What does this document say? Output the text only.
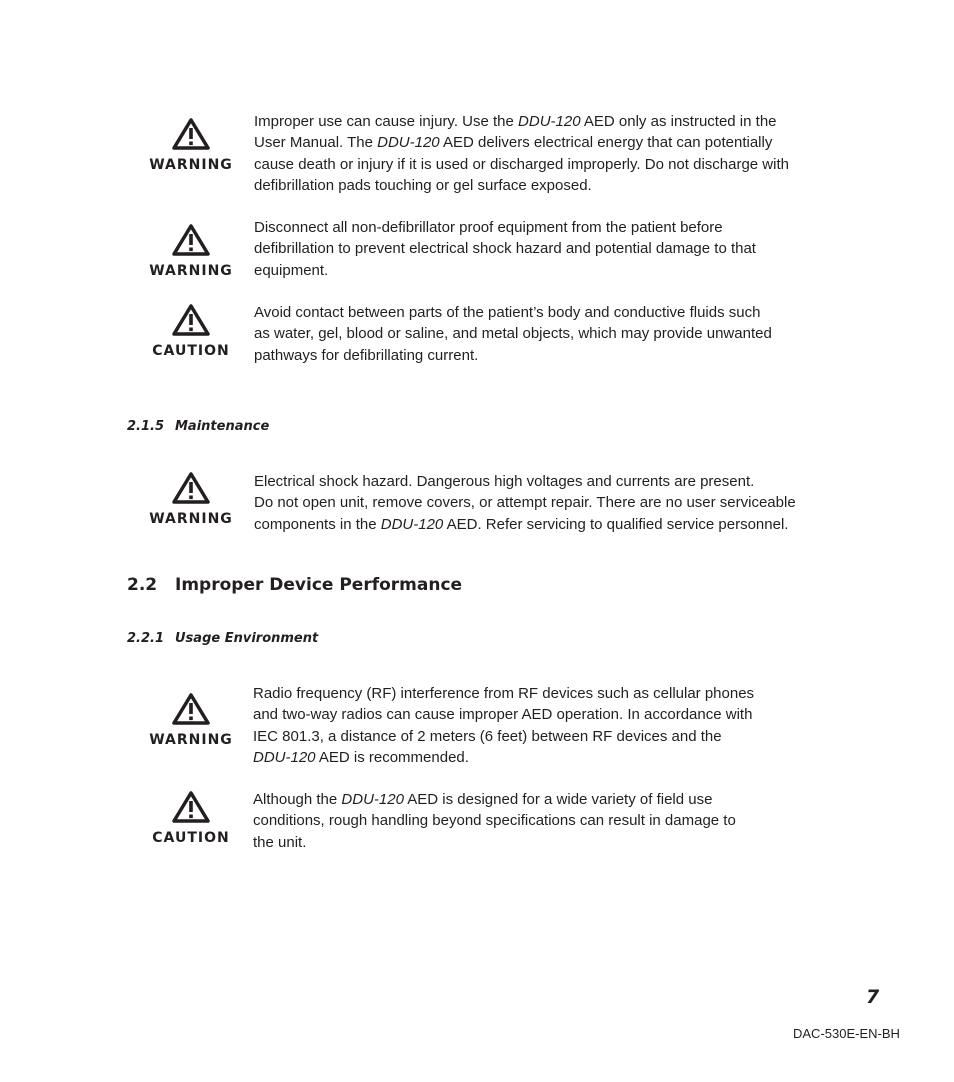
WARNING
Improper use can cause injury. Use the DDU-120 AED only as instructed in the
User Manual. The DDU-120 AED delivers electrical energy that can potentially
cause death or injury if it is used or discharged improperly. Do not discharge with
defibrillation pads touching or gel surface exposed.
WARNING
Disconnect all non-defibrillator proof equipment from the patient before
defibrillation to prevent electrical shock hazard and potential damage to that
equipment.
CAUTION
Avoid contact between parts of the patient’s body and conductive fluids such
as water, gel, blood or saline, and metal objects, which may provide unwanted
pathways for defibrillating current.
2.1.5 Maintenance
WARNING
Electrical shock hazard. Dangerous high voltages and currents are present.
Do not open unit, remove covers, or attempt repair. There are no user serviceable
components in the DDU-120 AED. Refer servicing to qualified service personnel.
2.2 Improper Device Performance
2.2.1 Usage Environment
WARNING
Radio frequency (RF) interference from RF devices such as cellular phones
and two-way radios can cause improper AED operation. In accordance with
IEC 801.3, a distance of 2 meters (6 feet) between RF devices and the
DDU-120 AED is recommended.
CAUTION
Although the DDU-120 AED is designed for a wide variety of field use
conditions, rough handling beyond specifications can result in damage to
the unit.
7
DAC-530E-EN-BH
